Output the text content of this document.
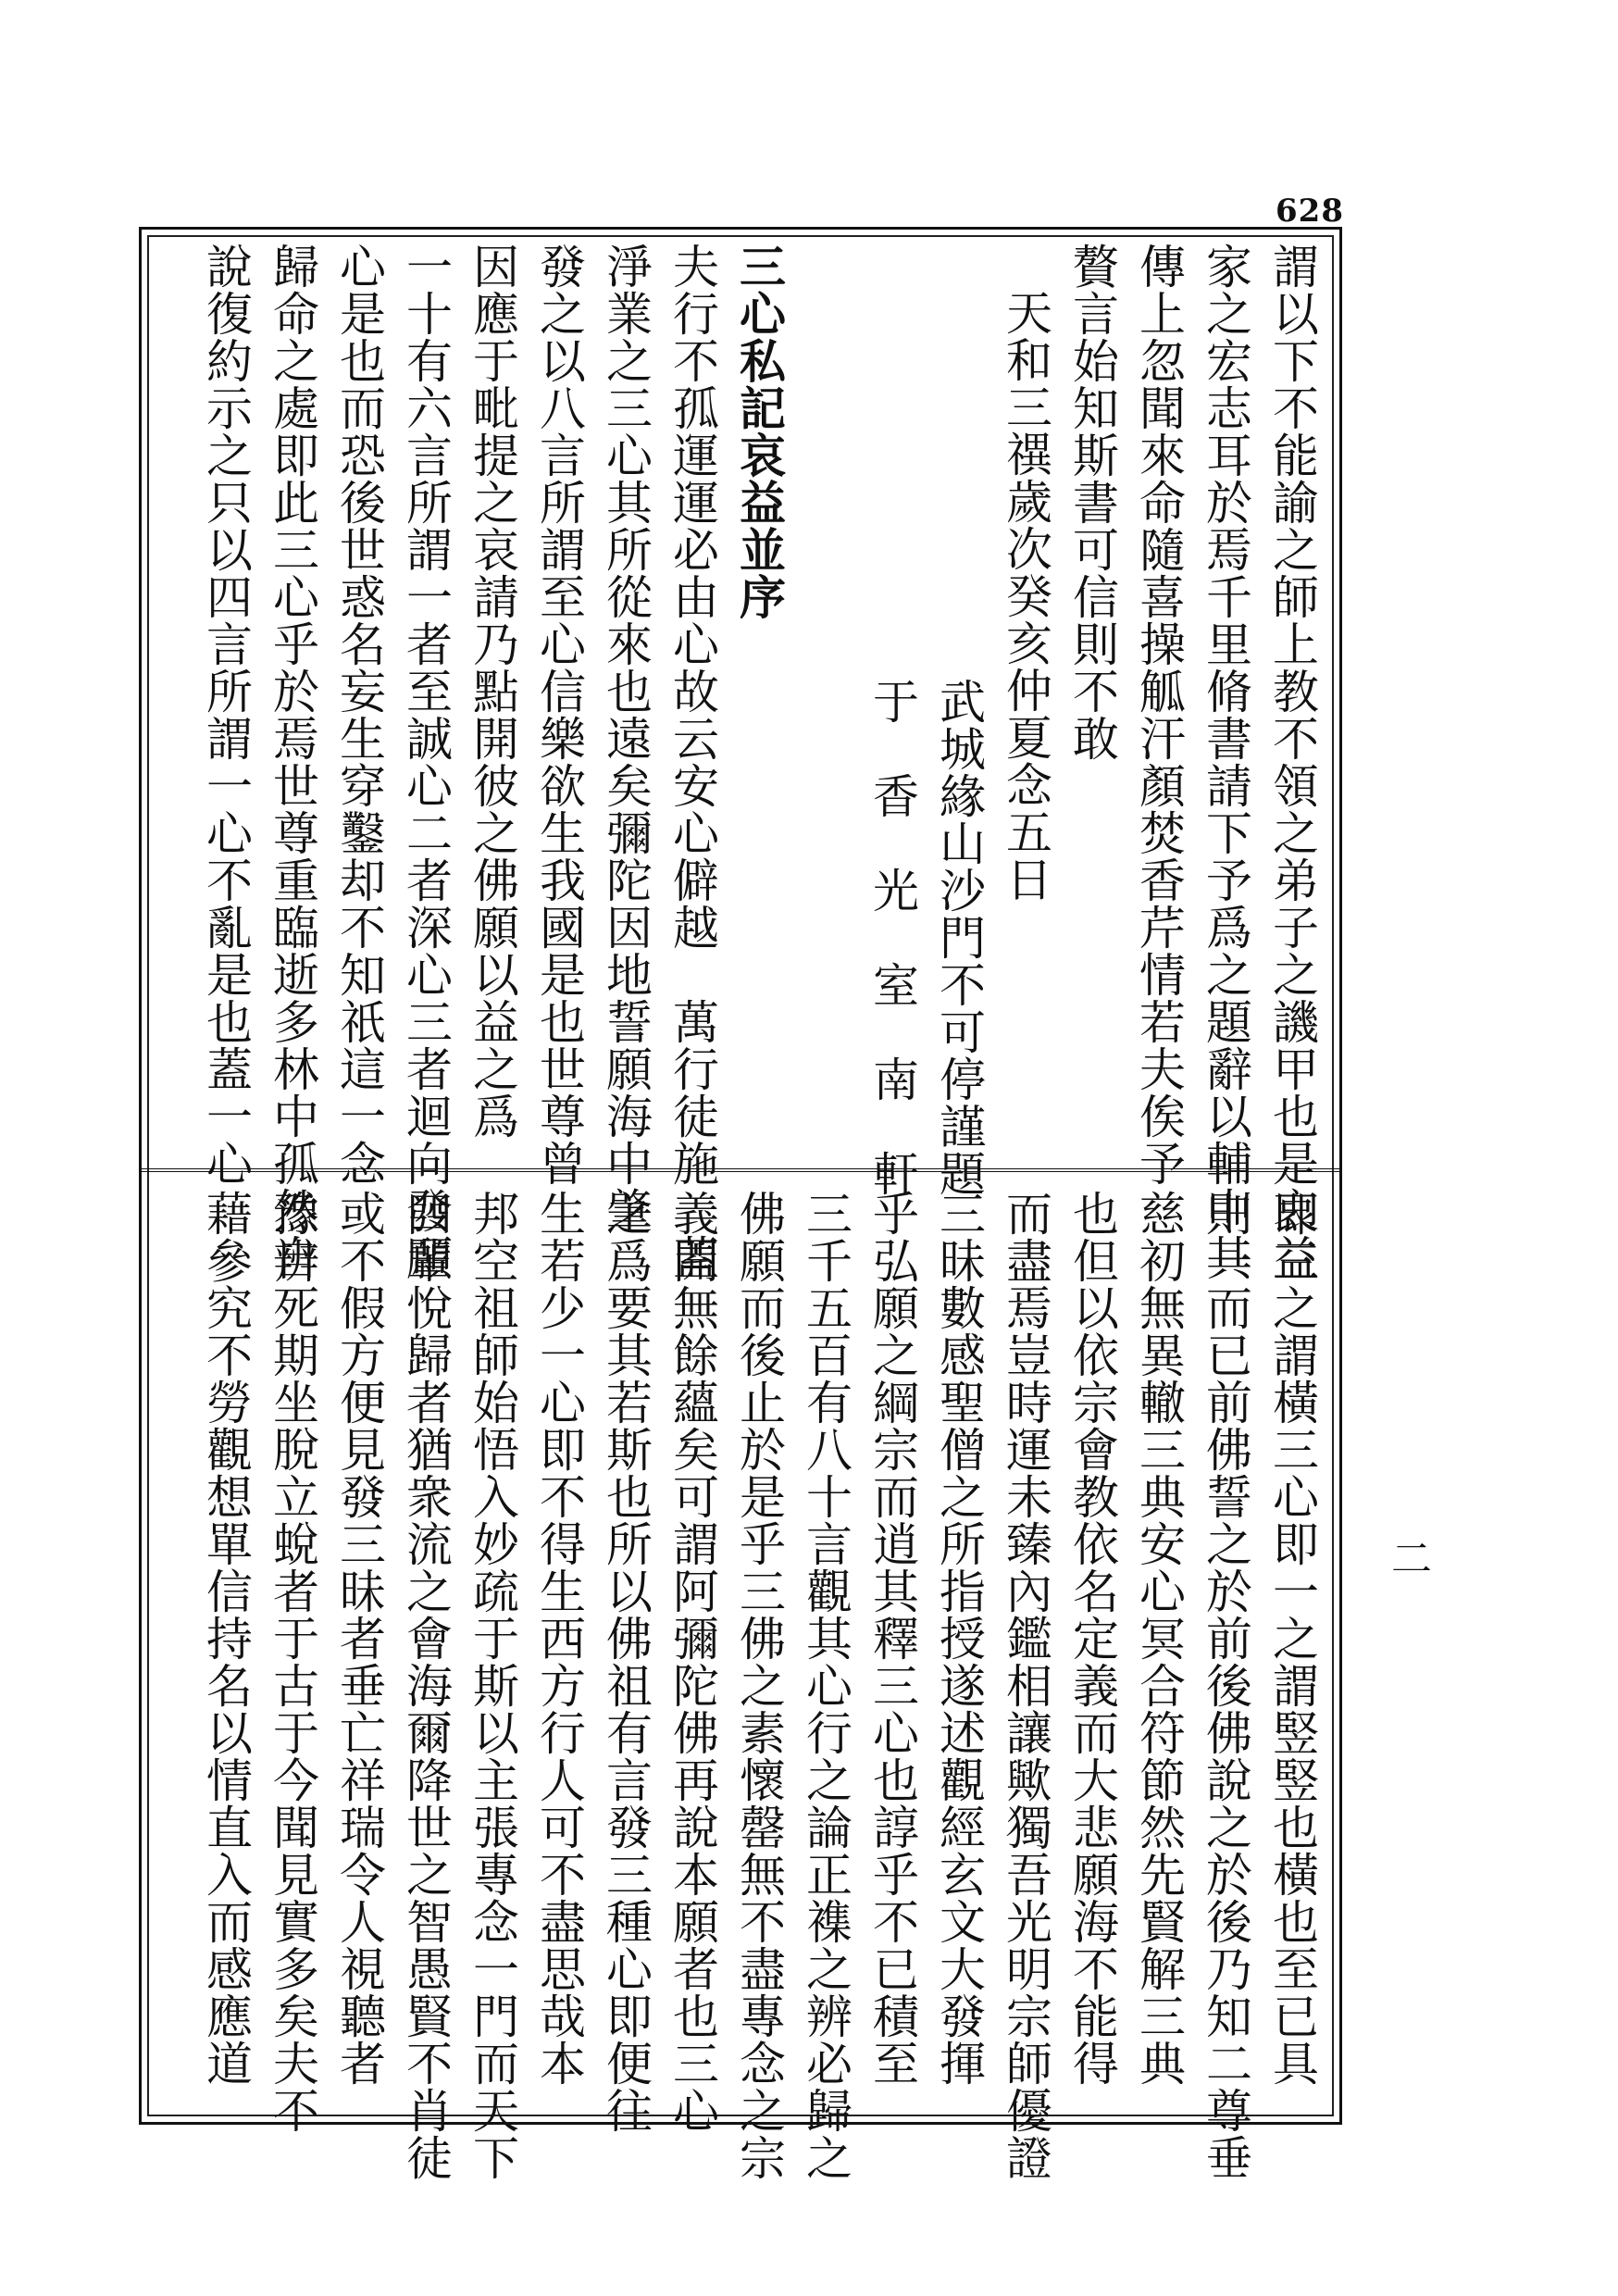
628
二
謂以下不能諭之師上教不領之弟子之譏甲也是哀益
家之宏志耳於焉千里脩書請下予爲之題辭以輔中其
傳上忽聞來命隨喜操觚汗顏焚香芹情若夫俟予
贅言始知斯書可信則不敢
天和三禩歲次癸亥仲夏念五日
武城緣山沙門不可停謹題
于　香　光　室　南　軒

三心私記哀益並序
夫行不孤運運必由心故云安心僻越　萬行徒施　蓋
淨業之三心其所從來也遠矣彌陀因地誓願海中肇
發之以八言所謂至心信樂欲生我國是也世尊曾
因應于毗提之哀請乃點開彼之佛願以益之爲
一十有六言所謂一者至誠心二者深心三者迴向發願
心是也而恐後世惑名妄生穿鑿却不知祇這一念
歸命之處即此三心乎於焉世尊重臨逝多林中孤然自
說復約示之只以四言所謂一心不亂是也蓋一心
即三之謂橫三心即一之謂竪竪也橫也至已具
則一而已前佛誓之於前後佛說之於後乃知二尊垂
慈初無異轍三典安心冥合符節然先賢解三典
也但以依宗會教依名定義而大悲願海不能得
而盡焉豈時運未臻內鑑相讓歟獨吾光明宗師優證
三昧數感聖僧之所指授遂述觀經玄文大發揮
乎弘願之綱宗而逍其釋三心也諄乎不已積至
三千五百有八十言觀其心行之論正襍之辨必歸之
佛願而後止於是乎三佛之素懷罄無不盡專念之宗
義開無餘蘊矣可謂阿彌陀佛再說本願者也三心
之爲要其若斯也所以佛祖有言發三種心即便往
生若少一心即不得生西方行人可不盡思哉本
邦空祖師始悟入妙疏于斯以主張專念一門而天下
四輩悅歸者猶衆流之會海爾降世之智愚賢不肖徒
或不假方便見發三昧者垂亡祥瑞令人視聽者
豫辨死期坐脫立蛻者于古于今聞見實多矣夫不
藉參究不勞觀想單信持名以情直入而感應道
